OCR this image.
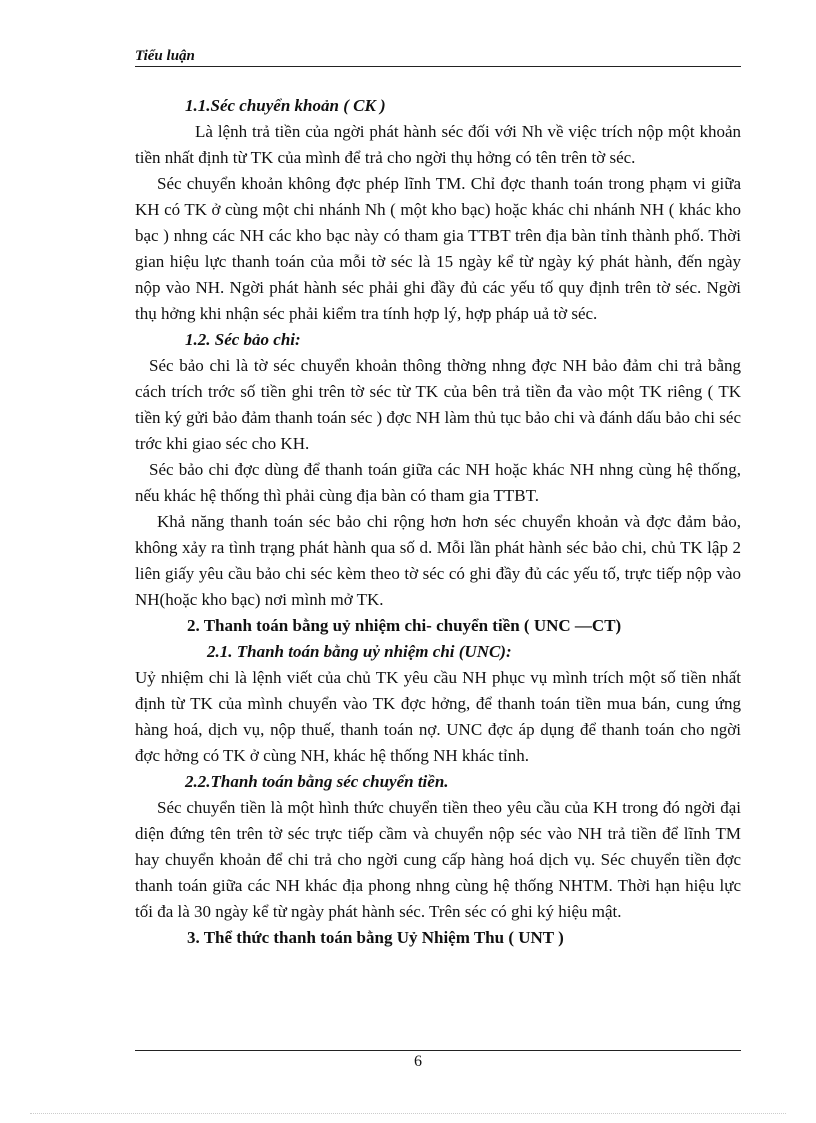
Tiểu luận

1.1.Séc chuyển khoản ( CK )

Là lệnh trả tiền của ngời phát hành séc đối với Nh về việc trích nộp một khoản tiền nhất định từ TK của mình để trả cho ngời thụ hởng có tên trên tờ séc.

Séc chuyển khoản không đợc phép lĩnh TM. Chỉ đợc thanh toán trong phạm vi giữa KH có TK ở cùng một chi nhánh Nh ( một kho bạc) hoặc khác chi nhánh NH ( khác kho bạc ) nhng các NH các kho bạc này có tham gia TTBT trên địa bàn tỉnh thành phố. Thời gian hiệu lực thanh toán của mỗi tờ séc là 15 ngày kể từ ngày ký phát hành, đến ngày nộp vào NH. Ngời phát hành séc phải ghi đầy đủ các yếu tố quy định trên tờ séc. Ngời thụ hởng khi nhận séc phải kiểm tra tính hợp lý, hợp pháp uả tờ séc.

1.2. Séc bảo chi:

Séc bảo chi là tờ séc chuyển khoản thông thờng nhng đợc NH bảo đảm chi trả bằng cách trích trớc số tiền ghi trên tờ séc từ TK của bên trả tiền đa vào một TK riêng ( TK tiền ký gửi bảo đảm thanh toán séc ) đợc NH làm thủ tục bảo chi và đánh dấu bảo chi séc trớc khi giao séc cho KH.

Séc bảo chi đợc dùng để thanh toán giữa các NH hoặc khác NH nhng cùng hệ thống, nếu khác hệ thống thì phải cùng địa bàn có tham gia TTBT.

Khả năng thanh toán séc bảo chi rộng hơn hơn séc chuyển khoản và đợc đảm bảo, không xảy ra tình trạng phát hành qua số d. Mỗi lần phát hành séc bảo chi, chủ TK lập 2 liên giấy yêu cầu bảo chi séc kèm theo tờ séc có ghi đầy đủ các yếu tố, trực tiếp nộp vào NH(hoặc kho bạc) nơi mình mở TK.

2. Thanh toán bằng uỷ nhiệm chi- chuyển tiền ( UNC —CT)

2.1. Thanh toán bằng uỷ nhiệm chi (UNC):

Uỷ nhiệm chi là lệnh viết của chủ TK yêu cầu NH phục vụ mình trích một số tiền nhất định từ TK của mình chuyển vào TK đợc hởng, để thanh toán tiền mua bán, cung ứng hàng hoá, dịch vụ, nộp thuế, thanh toán nợ. UNC đợc áp dụng để thanh toán cho ngời đợc hởng có TK ở cùng NH, khác hệ thống NH khác tỉnh.

2.2.Thanh toán bằng séc chuyển tiền.

Séc chuyển tiền là một hình thức chuyển tiền theo yêu cầu của KH trong đó ngời đại diện đứng tên trên tờ séc trực tiếp cầm và chuyển nộp séc vào NH trả tiền để lĩnh TM hay chuyển khoản để chi trả cho ngời cung cấp hàng hoá dịch vụ. Séc chuyển tiền đợc thanh toán giữa các NH khác địa phong nhng cùng hệ thống NHTM. Thời hạn hiệu lực tối đa là 30 ngày kể từ ngày phát hành séc. Trên séc có ghi ký hiệu mật.

3. Thể thức thanh toán bằng Uỷ Nhiệm Thu ( UNT )

6
